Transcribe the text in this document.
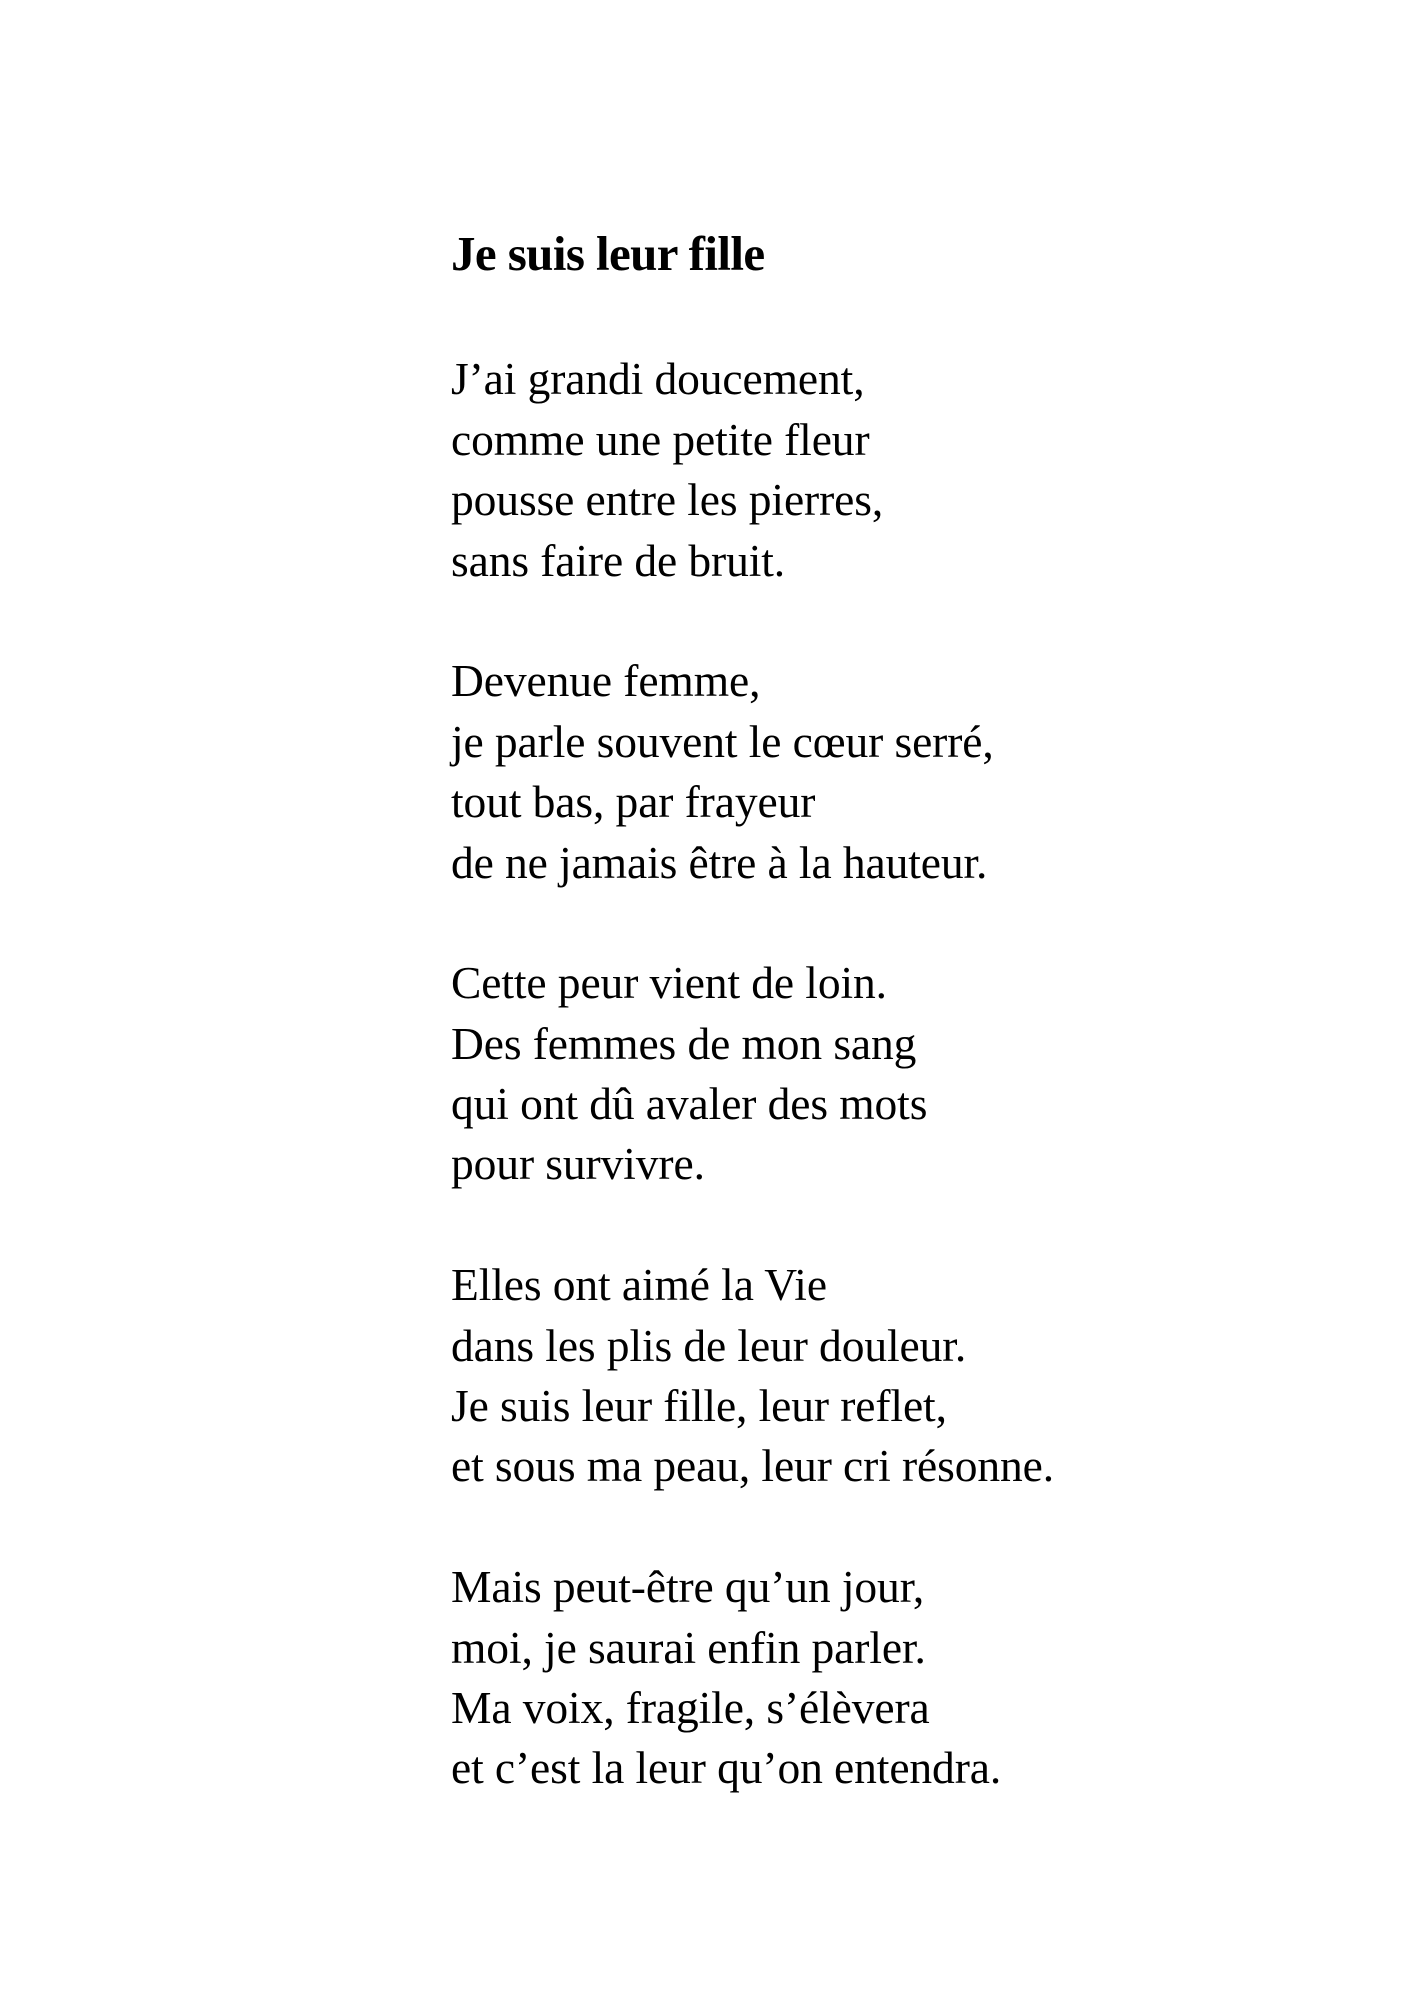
Je suis leur fille
J’ai grandi doucement,
comme une petite fleur
pousse entre les pierres,
sans faire de bruit.
Devenue femme,
je parle souvent le cœur serré,
tout bas, par frayeur
de ne jamais être à la hauteur.
Cette peur vient de loin.
Des femmes de mon sang
qui ont dû avaler des mots
pour survivre.
Elles ont aimé la Vie
dans les plis de leur douleur.
Je suis leur fille, leur reflet,
et sous ma peau, leur cri résonne.
Mais peut-être qu’un jour,
moi, je saurai enfin parler.
Ma voix, fragile, s’élèvera
et c’est la leur qu’on entendra.
